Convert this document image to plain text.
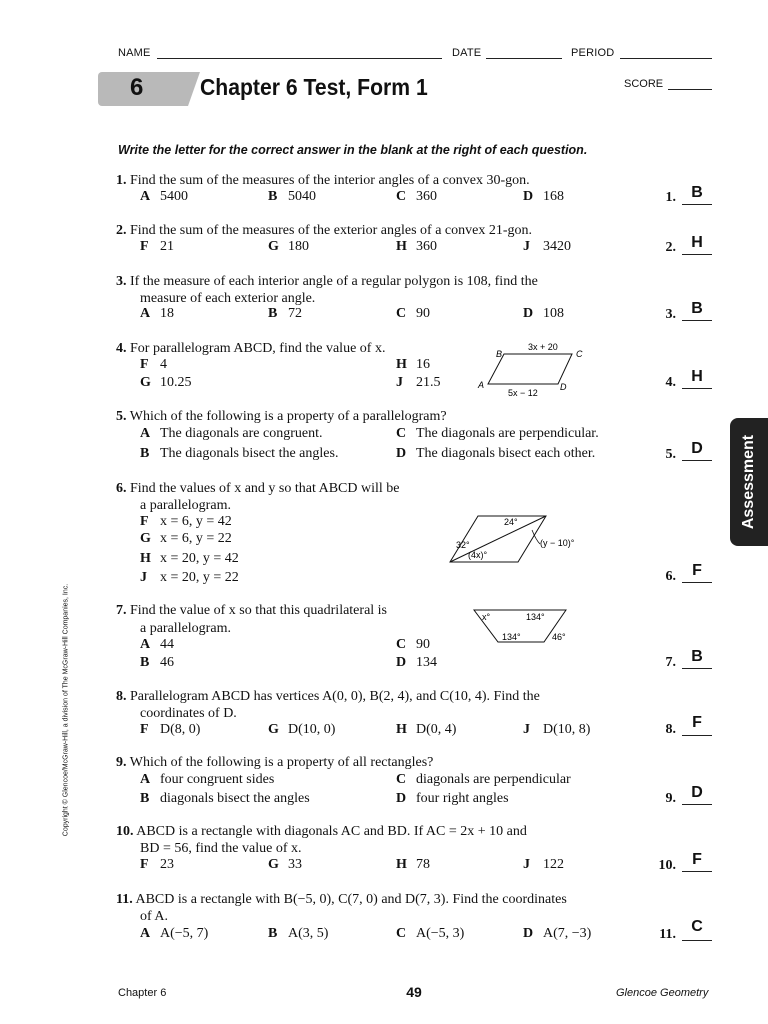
NAME	DATE	PERIOD
6 Chapter 6 Test, Form 1	SCORE
Write the letter for the correct answer in the blank at the right of each question.
Assessment
Copyright © Glencoe/McGraw-Hill, a division of The McGraw-Hill Companies, Inc.
1. Find the sum of the measures of the interior angles of a convex 30-gon.
A 5400	B 5040	C 360	D 168	1. B
2. Find the sum of the measures of the exterior angles of a convex 21-gon.
F 21	G 180	H 360	J 3420	2. H
3. If the measure of each interior angle of a regular polygon is 108, find the
measure of each exterior angle.
A 18	B 72	C 90	D 108	3. B
4. For parallelogram ABCD, find the value of x.
F 4	H 16
G 10.25	J 21.5
B	C
A	D
3x + 20
5x − 12
4. H
5. Which of the following is a property of a parallelogram?
A The diagonals are congruent.	C The diagonals are perpendicular.
B The diagonals bisect the angles.	D The diagonals bisect each other.	5. D
6. Find the values of x and y so that ABCD will be
a parallelogram.
F x = 6, y = 42
G x = 6, y = 22
H x = 20, y = 42
J x = 20, y = 22
24°
32°
(4x)°
(y − 10)°
6.	F
7. Find the value of x so that this quadrilateral is
a parallelogram.
A 44	C 90
B 46	D 134
x°	134°
134°	46°
7. B
8. Parallelogram ABCD has vertices A(0, 0), B(2, 4), and C(10, 4). Find the
coordinates of D.
F D(8, 0)	G D(10, 0)	H D(0, 4)	J D(10, 8)	8.	F
9. Which of the following is a property of all rectangles?
A four congruent sides	C diagonals are perpendicular
B diagonals bisect the angles	D four right angles	9. D
10. ABCD is a rectangle with diagonals AC and BD. If AC = 2x + 10 and
BD = 56, find the value of x.
F 23	G 33	H 78	J 122	10.	F
11. ABCD is a rectangle with B(−5, 0), C(7, 0) and D(7, 3). Find the coordinates
of A.
A A(−5, 7)	B A(3, 5)	C A(−5, 3)	D A(7, −3)	11. C
Chapter 6	49	Glencoe Geometry
